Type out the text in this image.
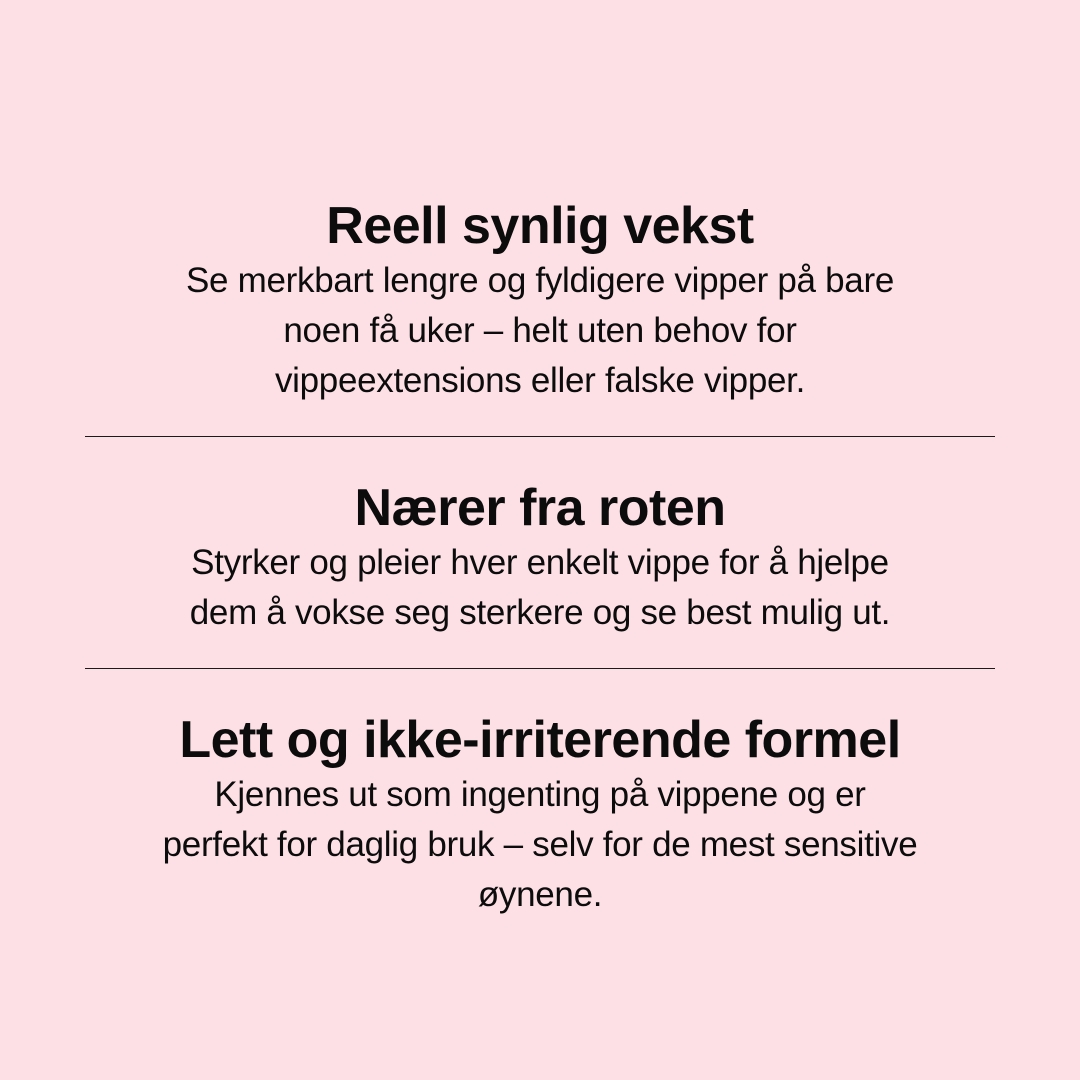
Reell synlig vekst

Se merkbart lengre og fyldigere vipper på bare

noen få uker – helt uten behov for

vippeextensions eller falske vipper.

Nærer fra roten

Styrker og pleier hver enkelt vippe for å hjelpe

dem å vokse seg sterkere og se best mulig ut.

Lett og ikke-irriterende formel

Kjennes ut som ingenting på vippene og er

perfekt for daglig bruk – selv for de mest sensitive

øynene.
